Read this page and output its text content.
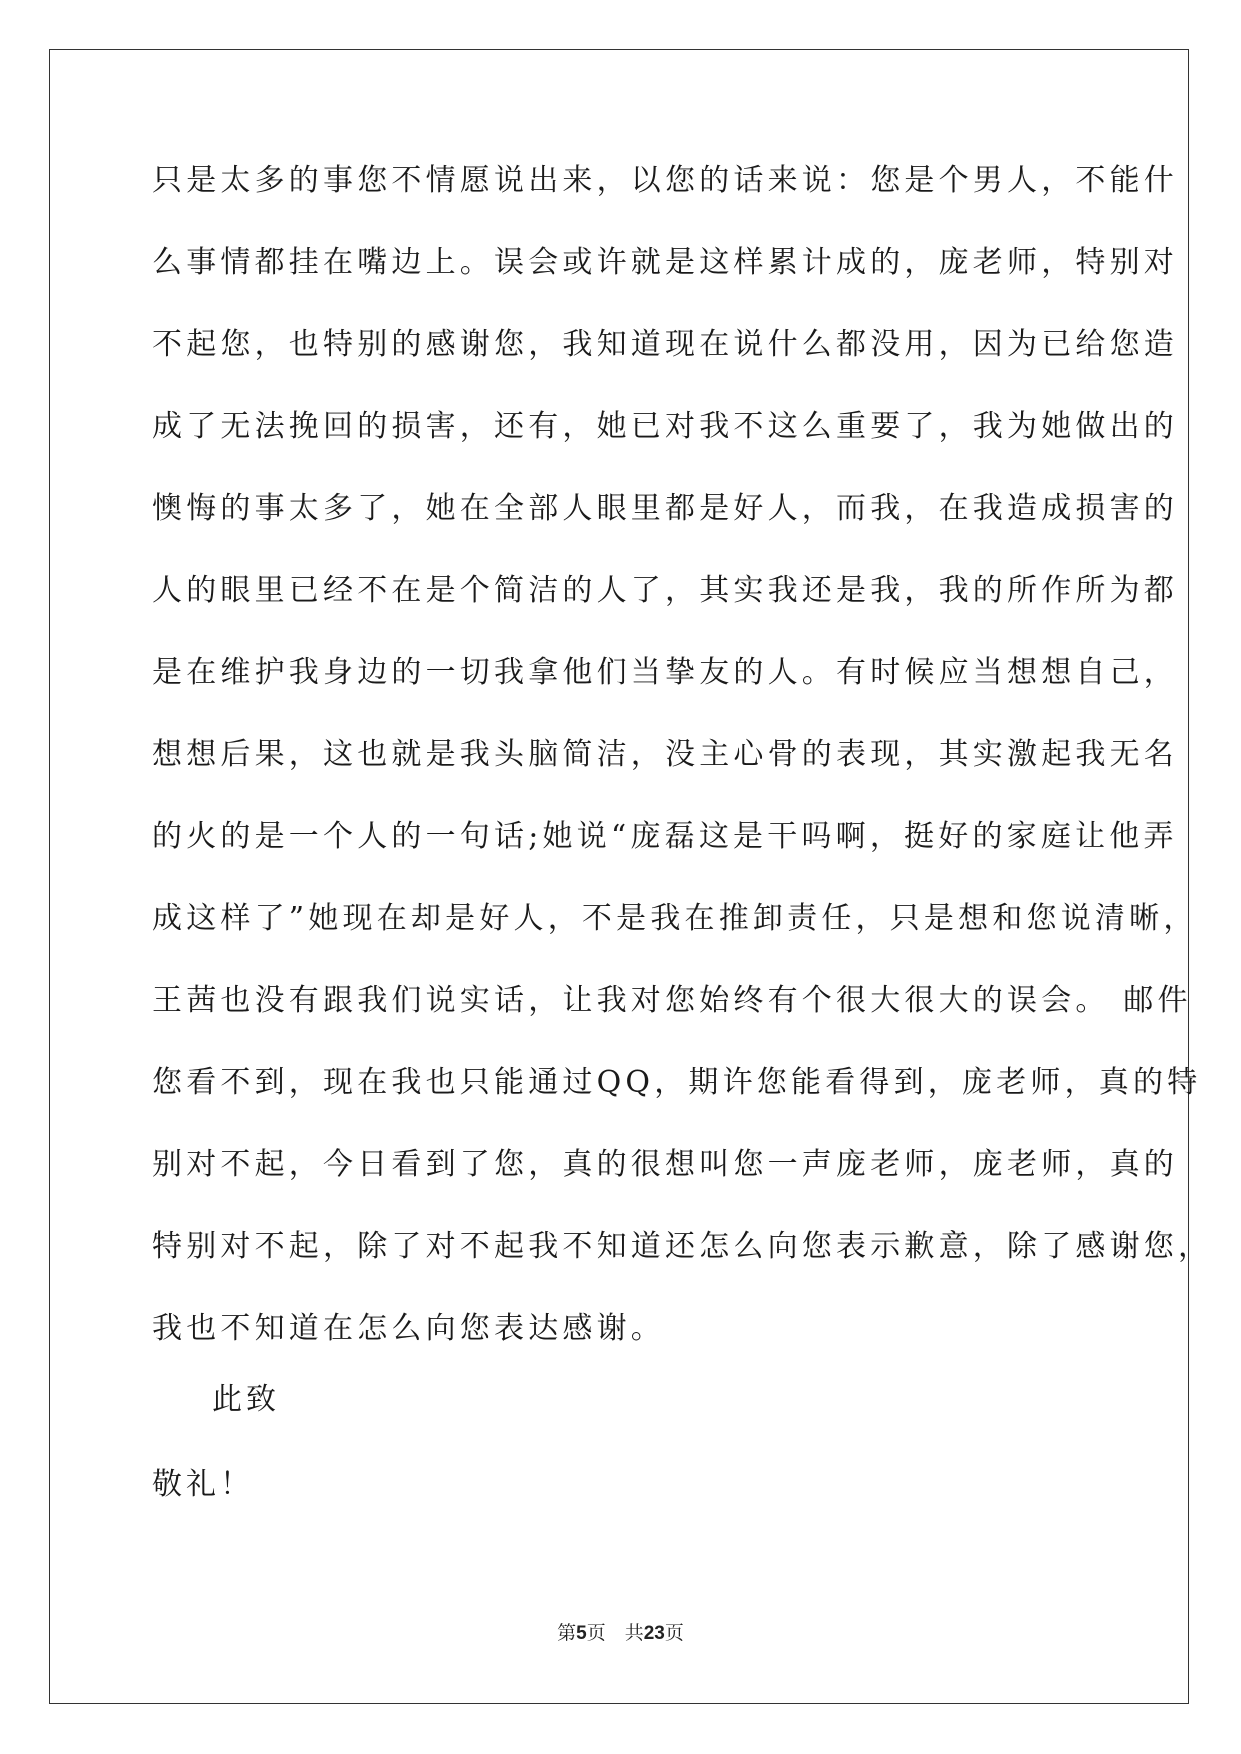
只是太多的事您不情愿说出来，以您的话来说：您是个男人，不能什
么事情都挂在嘴边上。误会或许就是这样累计成的，庞老师，特别对
不起您，也特别的感谢您，我知道现在说什么都没用，因为已给您造
成了无法挽回的损害，还有，她已对我不这么重要了，我为她做出的
懊悔的事太多了，她在全部人眼里都是好人，而我，在我造成损害的
人的眼里已经不在是个简洁的人了，其实我还是我，我的所作所为都
是在维护我身边的一切我拿他们当挚友的人。有时候应当想想自己，
想想后果，这也就是我头脑简洁，没主心骨的表现，其实激起我无名
的火的是一个人的一句话;她说“庞磊这是干吗啊，挺好的家庭让他弄
成这样了”她现在却是好人，不是我在推卸责任，只是想和您说清晰，
王茜也没有跟我们说实话，让我对您始终有个很大很大的误会。 邮件
您看不到，现在我也只能通过QQ，期许您能看得到，庞老师，真的特
别对不起，今日看到了您，真的很想叫您一声庞老师，庞老师，真的
特别对不起，除了对不起我不知道还怎么向您表示歉意，除了感谢您，
我也不知道在怎么向您表达感谢。

此致

敬礼！

第5页　共23页
